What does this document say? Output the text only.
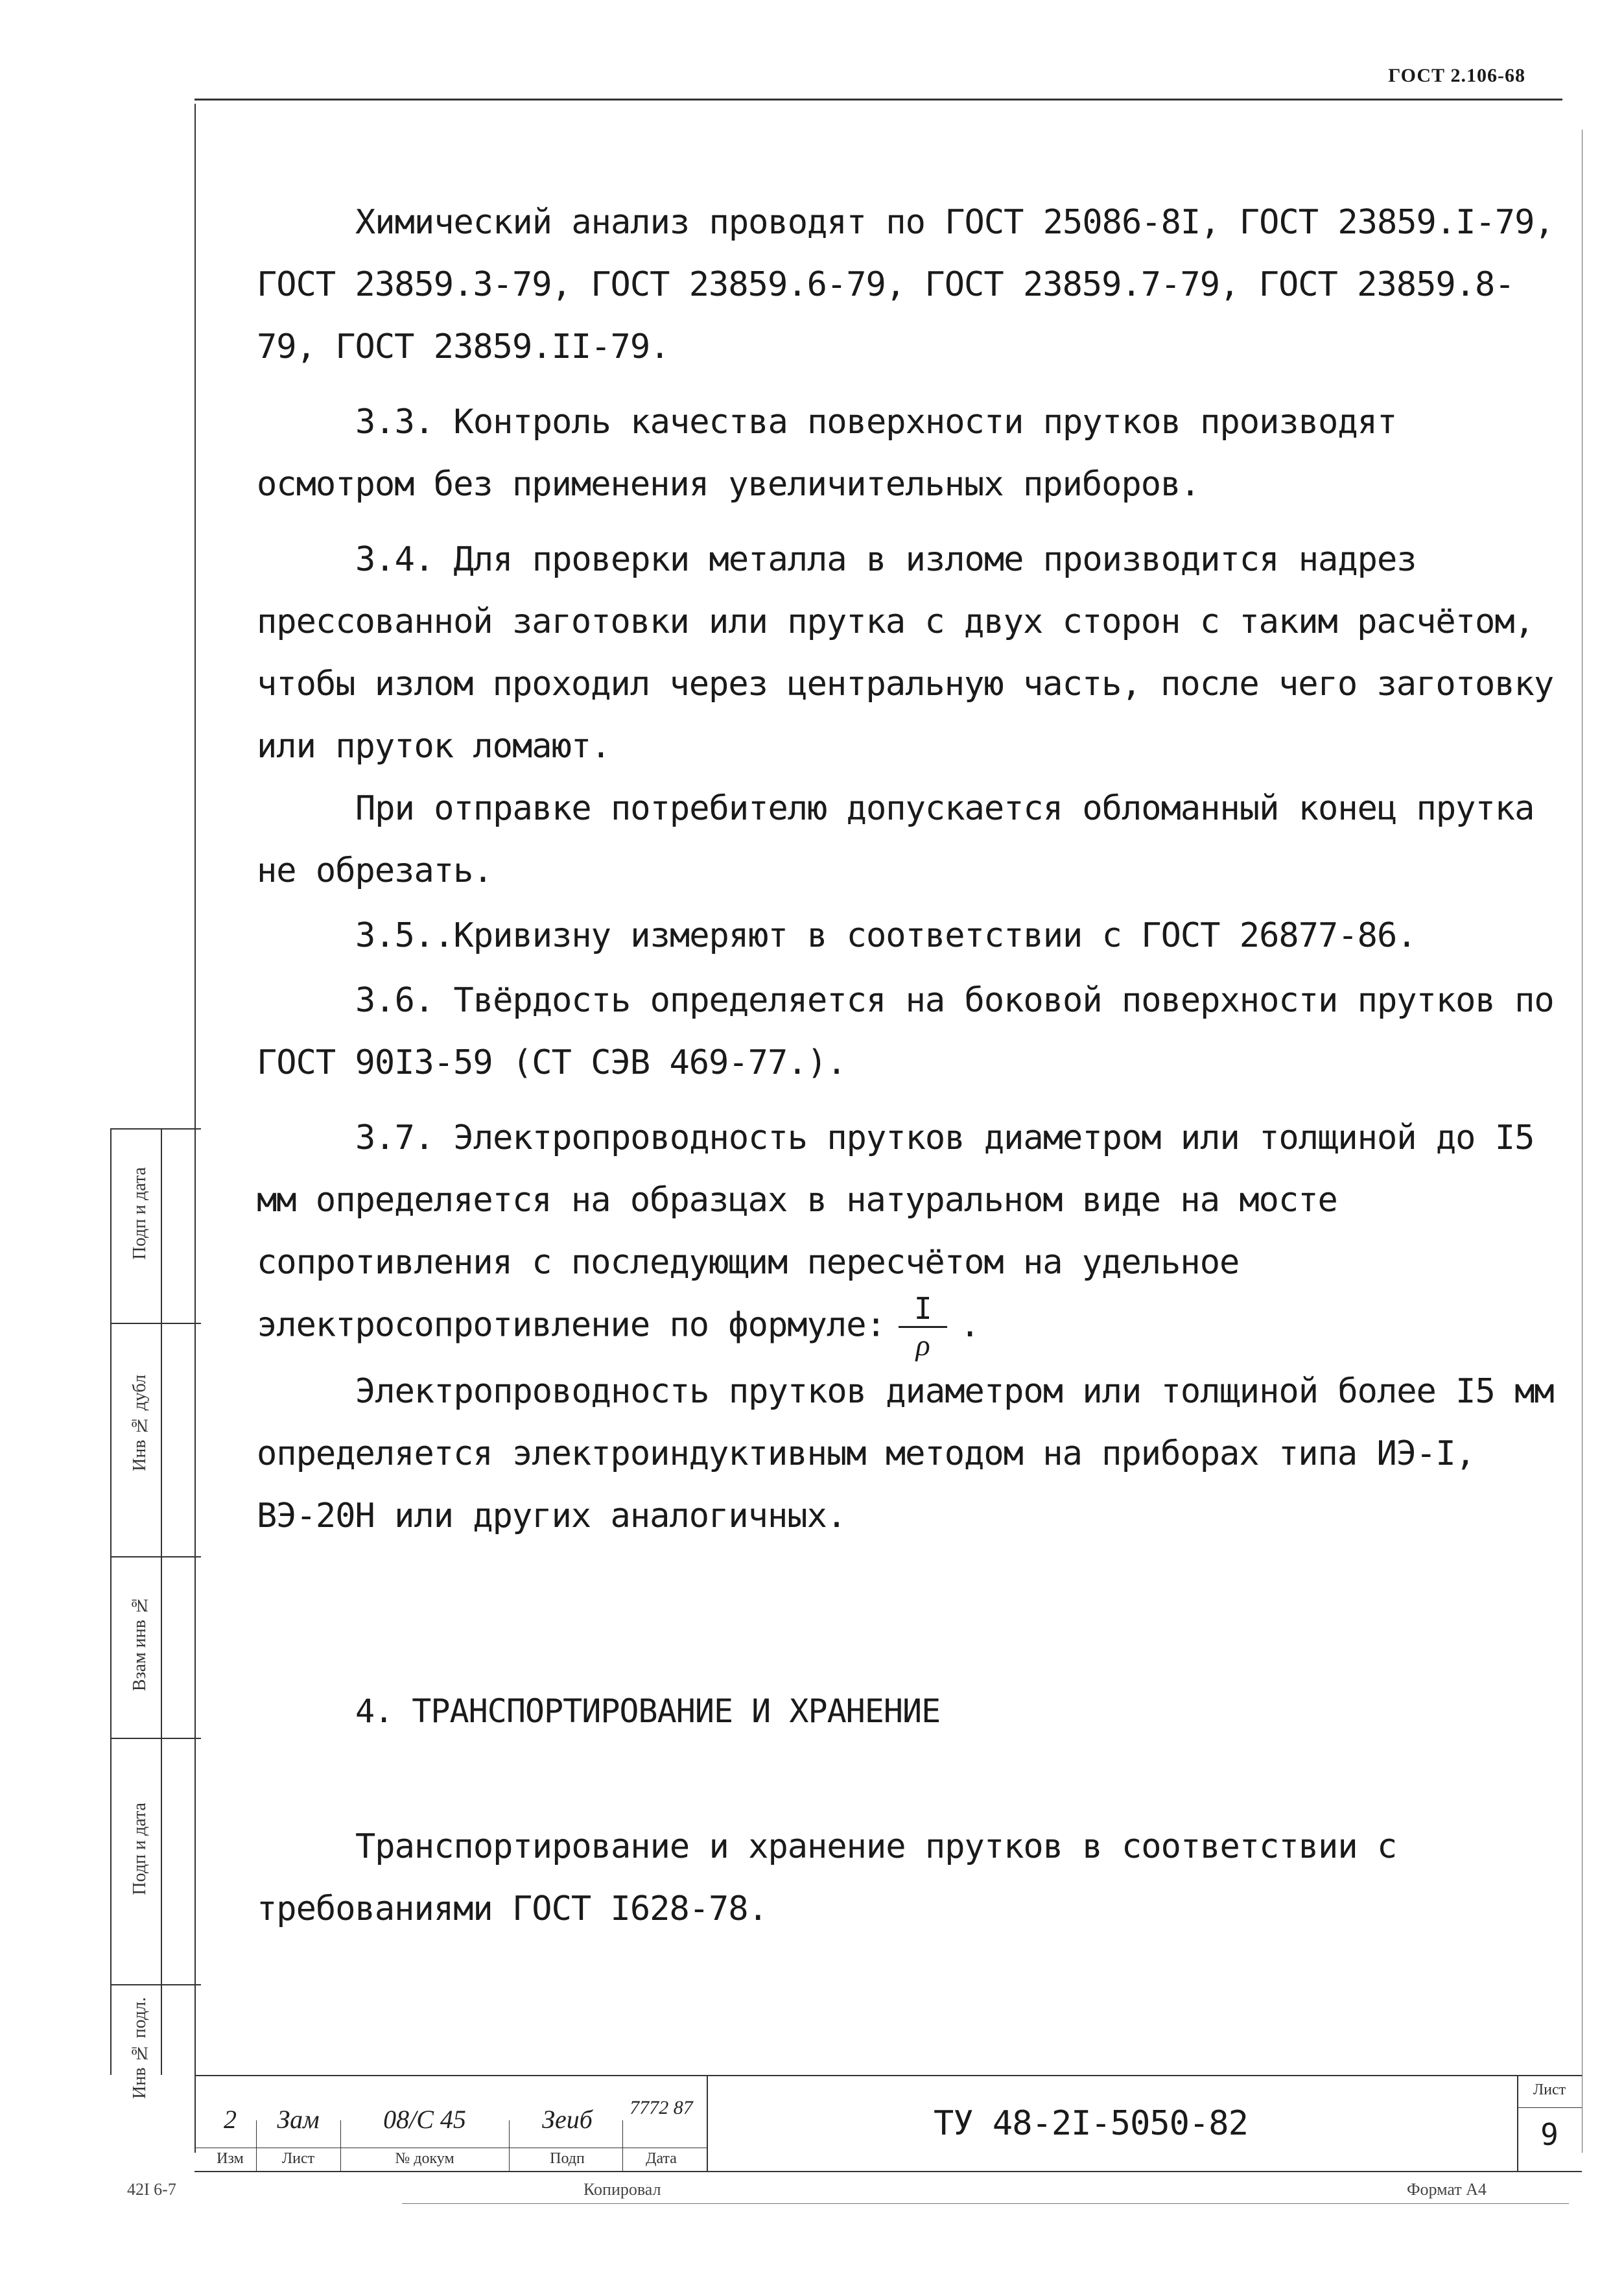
ГОСТ 2.106-68

Химический анализ проводят по ГОСТ 25086-8I, ГОСТ 23859.I-79, ГОСТ 23859.3-79, ГОСТ 23859.6-79, ГОСТ 23859.7-79, ГОСТ 23859.8-79, ГОСТ 23859.II-79.

3.3. Контроль качества поверхности прутков производят осмотром без применения увеличительных приборов.

3.4. Для проверки металла в изломе производится надрез прессованной заготовки или прутка с двух сторон с таким расчётом, чтобы излом проходил через центральную часть, после чего заготовку или пруток ломают.

При отправке потребителю допускается обломанный конец прутка не обрезать.

3.5..Кривизну измеряют в соответствии с ГОСТ 26877-86.

3.6. Твёрдость определяется на боковой поверхности прутков по ГОСТ 90I3-59 (СТ СЭВ 469-77.).

3.7. Электропроводность прутков диаметром или толщиной до I5 мм определяется на образцах в натуральном виде на мосте сопротивления с последующим пересчётом на удельное электросопротивление по формуле: $\frac{I}{\rho}$ .

Электропроводность прутков диаметром или толщиной более I5 мм определяется электроиндуктивным методом на приборах типа ИЭ-I, ВЭ-20Н или других аналогичных.

4. ТРАНСПОРТИРОВАНИЕ И ХРАНЕНИЕ

Транспортирование и хранение прутков в соответствии с требованиями ГОСТ I628-78.

Подп и дата
Инв № дубл
Взам инв №
Подп и дата
Инв № подл.
2	Зам	08/С 45	Зеиб	7772 87
Изм	Лист	№ докум	Подп	Дата
ТУ 48-2I-5050-82
Лист
9
42I 6-7	Копировал	Формат А4
